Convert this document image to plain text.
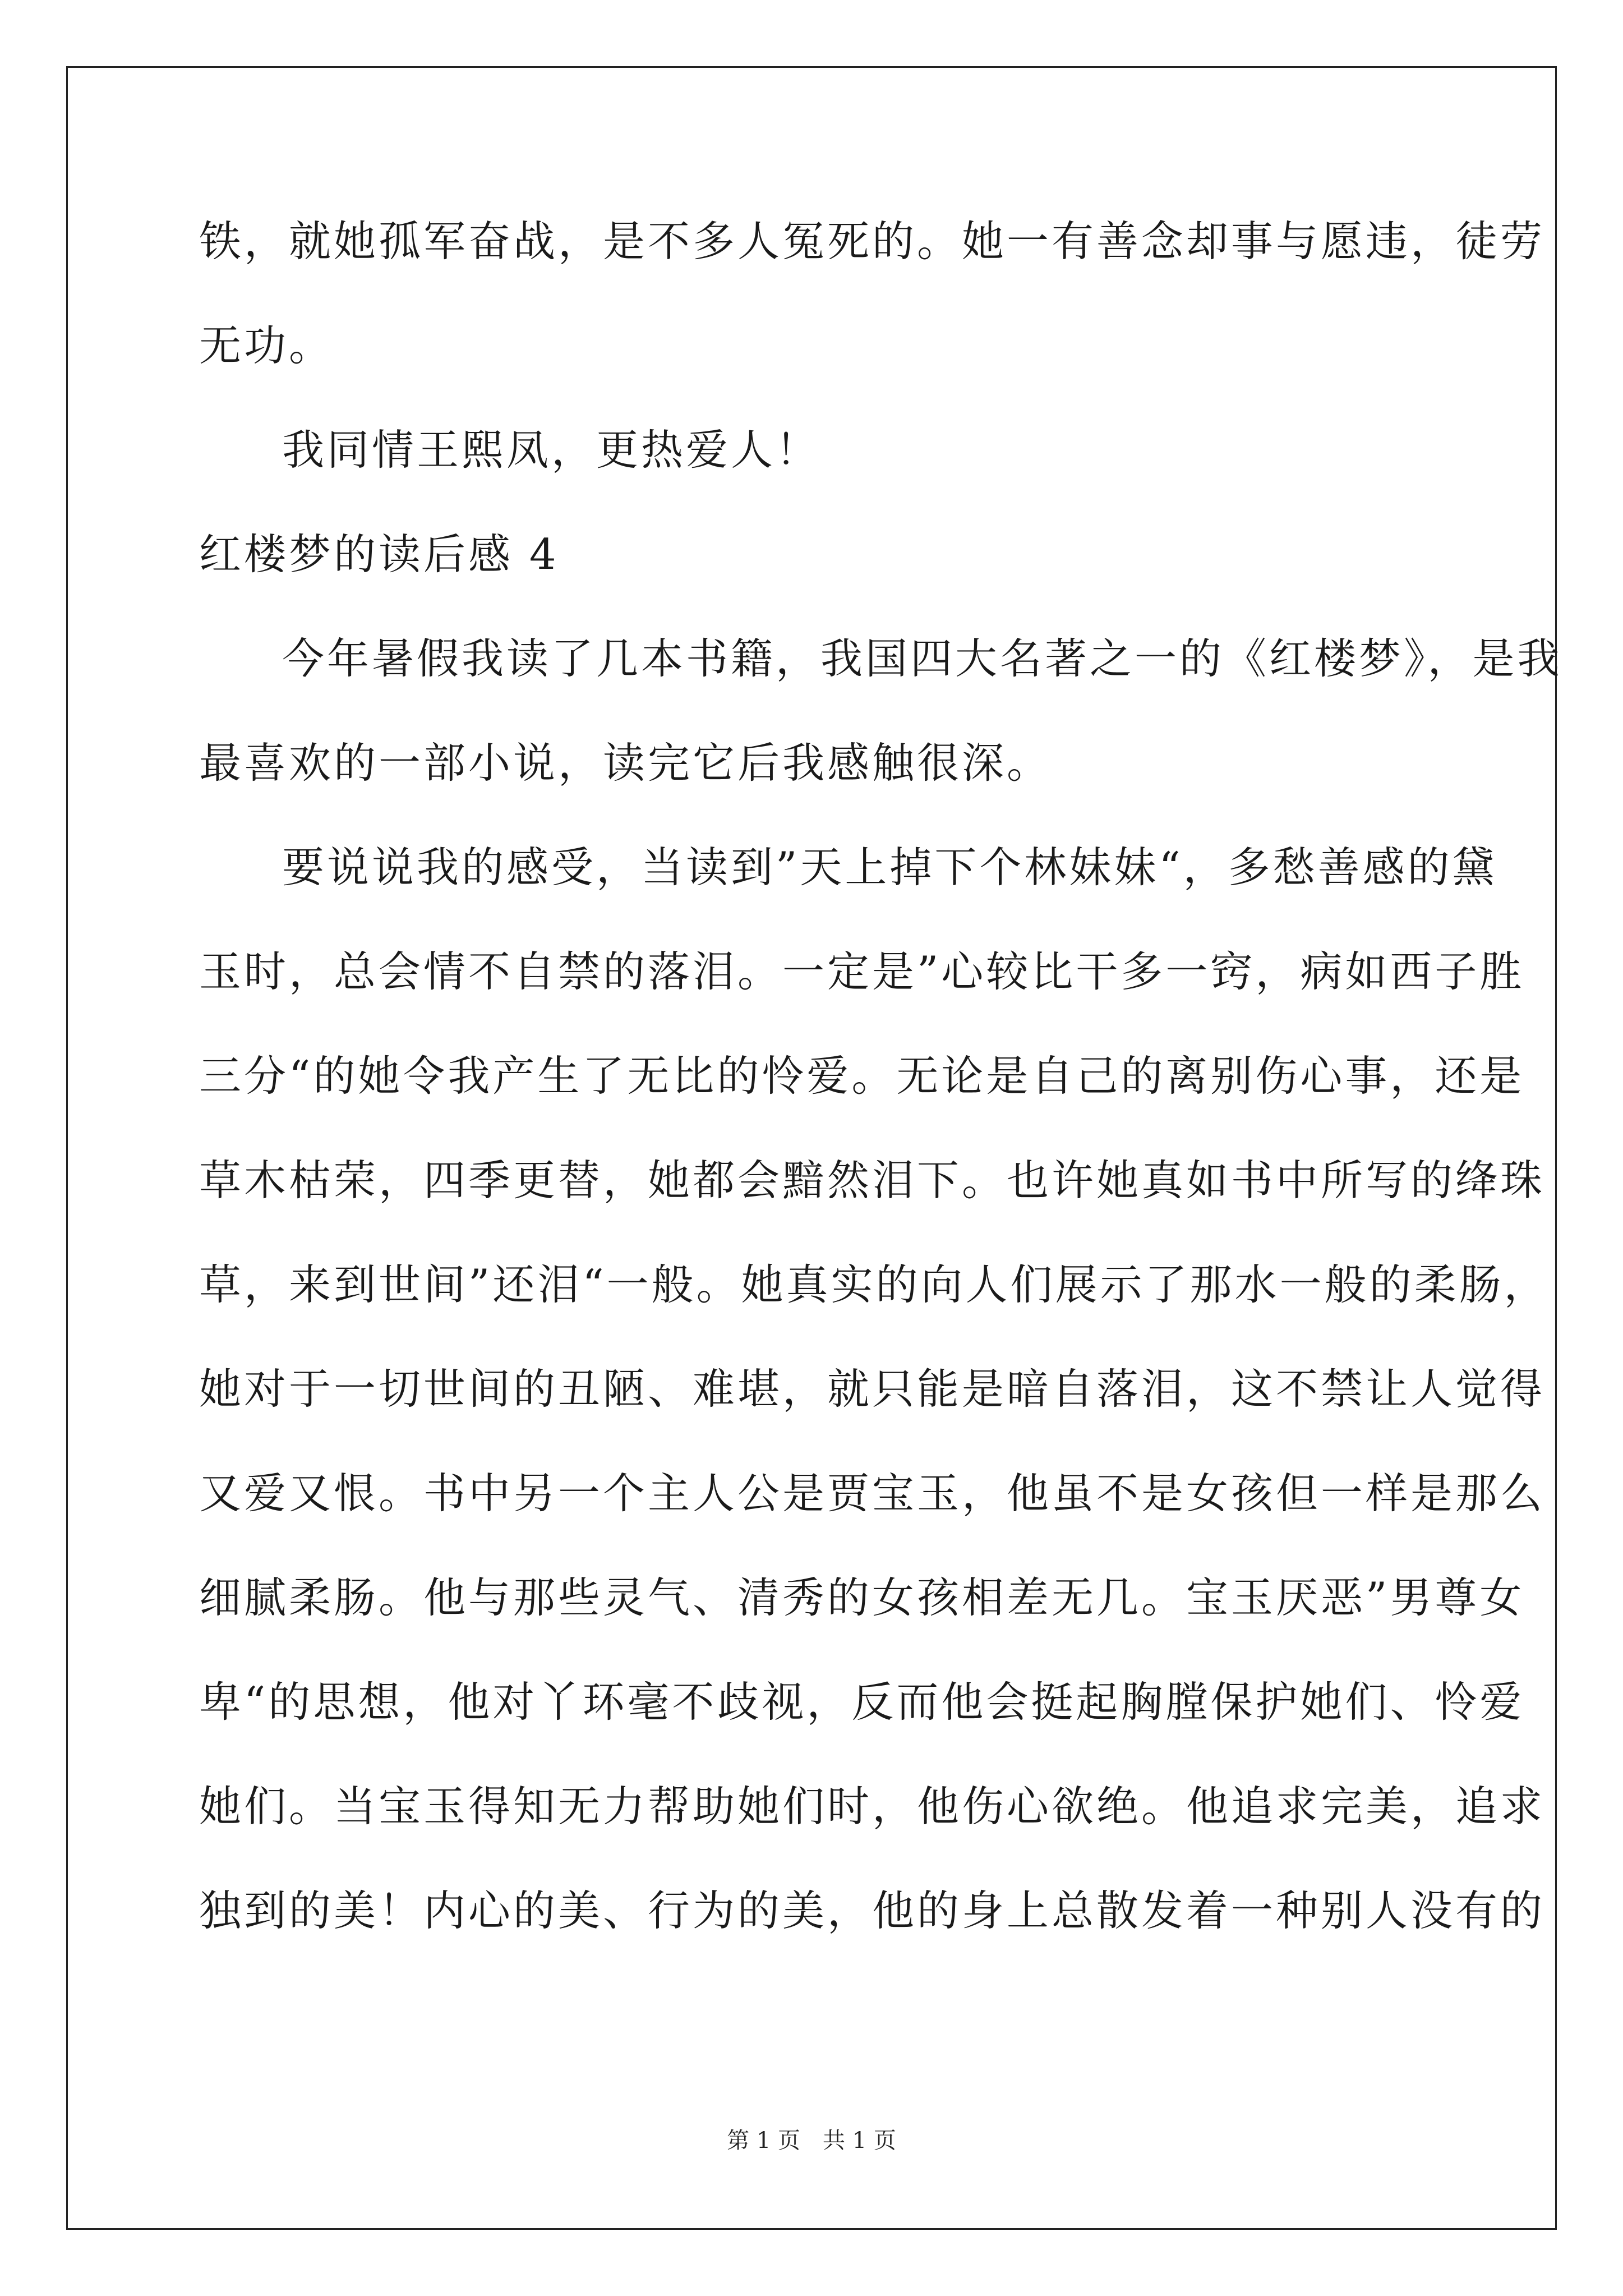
铁，就她孤军奋战，是不多人冤死的。她一有善念却事与愿违，徒劳
无功。
我同情王熙凤，更热爱人！
红楼梦的读后感 4
今年暑假我读了几本书籍，我国四大名著之一的《红楼梦》，是我
最喜欢的一部小说，读完它后我感触很深。
要说说我的感受，当读到”天上掉下个林妹妹“，多愁善感的黛
玉时，总会情不自禁的落泪。一定是”心较比干多一窍，病如西子胜
三分“的她令我产生了无比的怜爱。无论是自己的离别伤心事，还是
草木枯荣，四季更替，她都会黯然泪下。也许她真如书中所写的绛珠
草，来到世间”还泪“一般。她真实的向人们展示了那水一般的柔肠，
她对于一切世间的丑陋、难堪，就只能是暗自落泪，这不禁让人觉得
又爱又恨。书中另一个主人公是贾宝玉，他虽不是女孩但一样是那么
细腻柔肠。他与那些灵气、清秀的女孩相差无几。宝玉厌恶”男尊女
卑“的思想，他对丫环毫不歧视，反而他会挺起胸膛保护她们、怜爱
她们。当宝玉得知无力帮助她们时，他伤心欲绝。他追求完美，追求
独到的美！内心的美、行为的美，他的身上总散发着一种别人没有的
第 1 页　共 1 页
